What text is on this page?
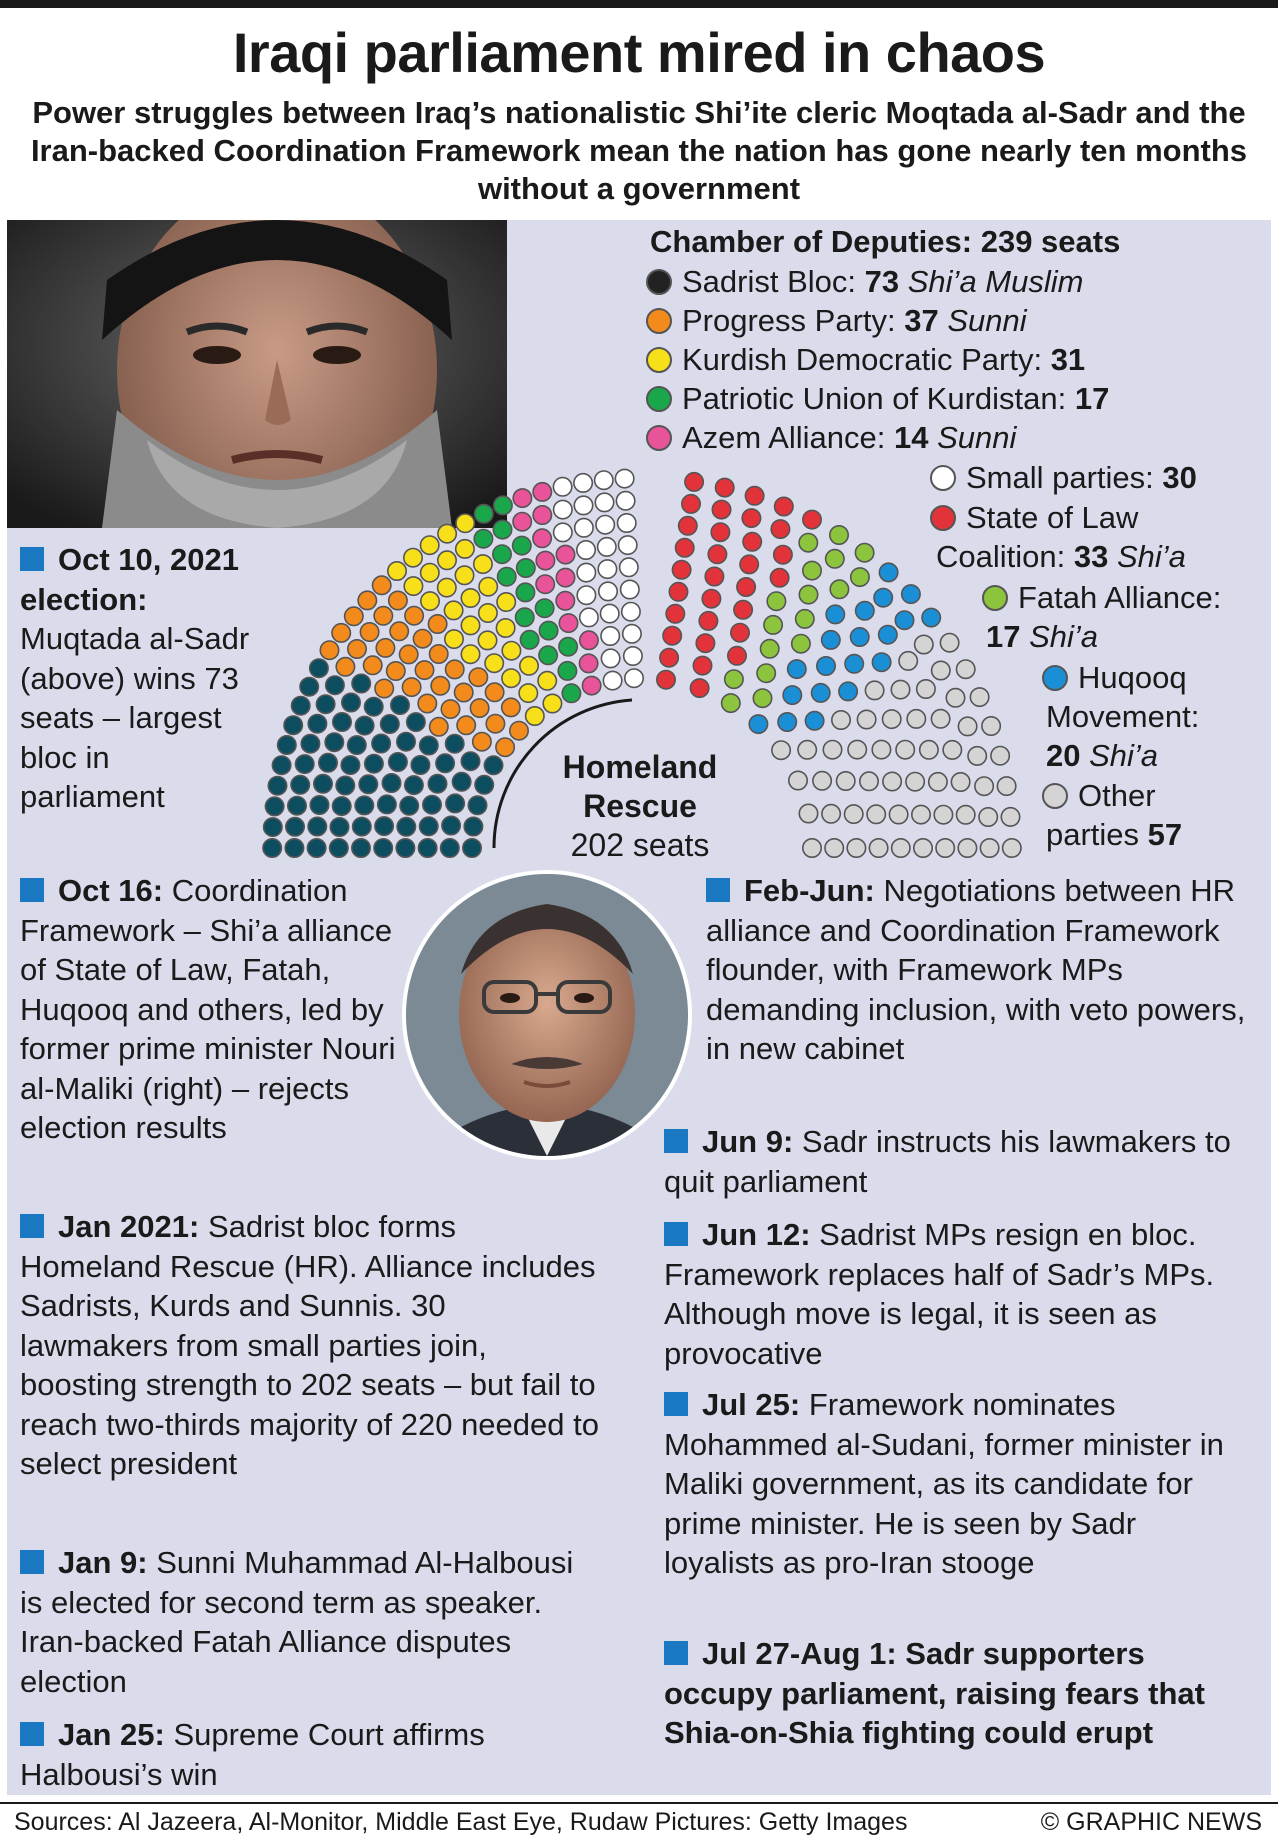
Iraqi parliament mired in chaos
Power struggles between Iraq’s nationalistic Shi’ite cleric Moqtada al-Sadr and the Iran-backed Coordination Framework mean the nation has gone nearly ten months without a government
Chamber of Deputies: 239 seats
Sadrist Bloc: 73 Shi’a Muslim
Progress Party: 37 Sunni
Kurdish Democratic Party: 31
Patriotic Union of Kurdistan: 17
Azem Alliance: 14 Sunni
Small parties: 30
State of Law
Coalition: 33 Shi’a
Fatah Alliance:
17 Shi’a
Huqooq
Movement:
20 Shi’a
Other
parties 57
Homeland Rescue
202 seats
Oct 10, 2021 election:
Muqtada al-Sadr (above) wins 73 seats – largest bloc in parliament
Oct 16: Coordination Framework – Shi’a alliance of State of Law, Fatah, Huqooq and others, led by former prime minister Nouri al-Maliki (right) – rejects election results
Jan 2021: Sadrist bloc forms Homeland Rescue (HR). Alliance includes Sadrists, Kurds and Sunnis. 30 lawmakers from small parties join, boosting strength to 202 seats – but fail to reach two-thirds majority of 220 needed to select president
Jan 9: Sunni Muhammad Al-Halbousi is elected for second term as speaker. Iran-backed Fatah Alliance disputes election
Jan 25: Supreme Court affirms Halbousi’s win
Feb-Jun: Negotiations between HR alliance and Coordination Framework flounder, with Framework MPs demanding inclusion, with veto powers, in new cabinet
Jun 9: Sadr instructs his lawmakers to quit parliament
Jun 12: Sadrist MPs resign en bloc. Framework replaces half of Sadr’s MPs. Although move is legal, it is seen as provocative
Jul 25: Framework nominates Mohammed al-Sudani, former minister in Maliki government, as its candidate for prime minister. He is seen by Sadr loyalists as pro-Iran stooge
Jul 27-Aug 1: Sadr supporters occupy parliament, raising fears that Shia-on-Shia fighting could erupt
Sources: Al Jazeera, Al-Monitor, Middle East Eye, Rudaw Pictures: Getty Images	© GRAPHIC NEWS
